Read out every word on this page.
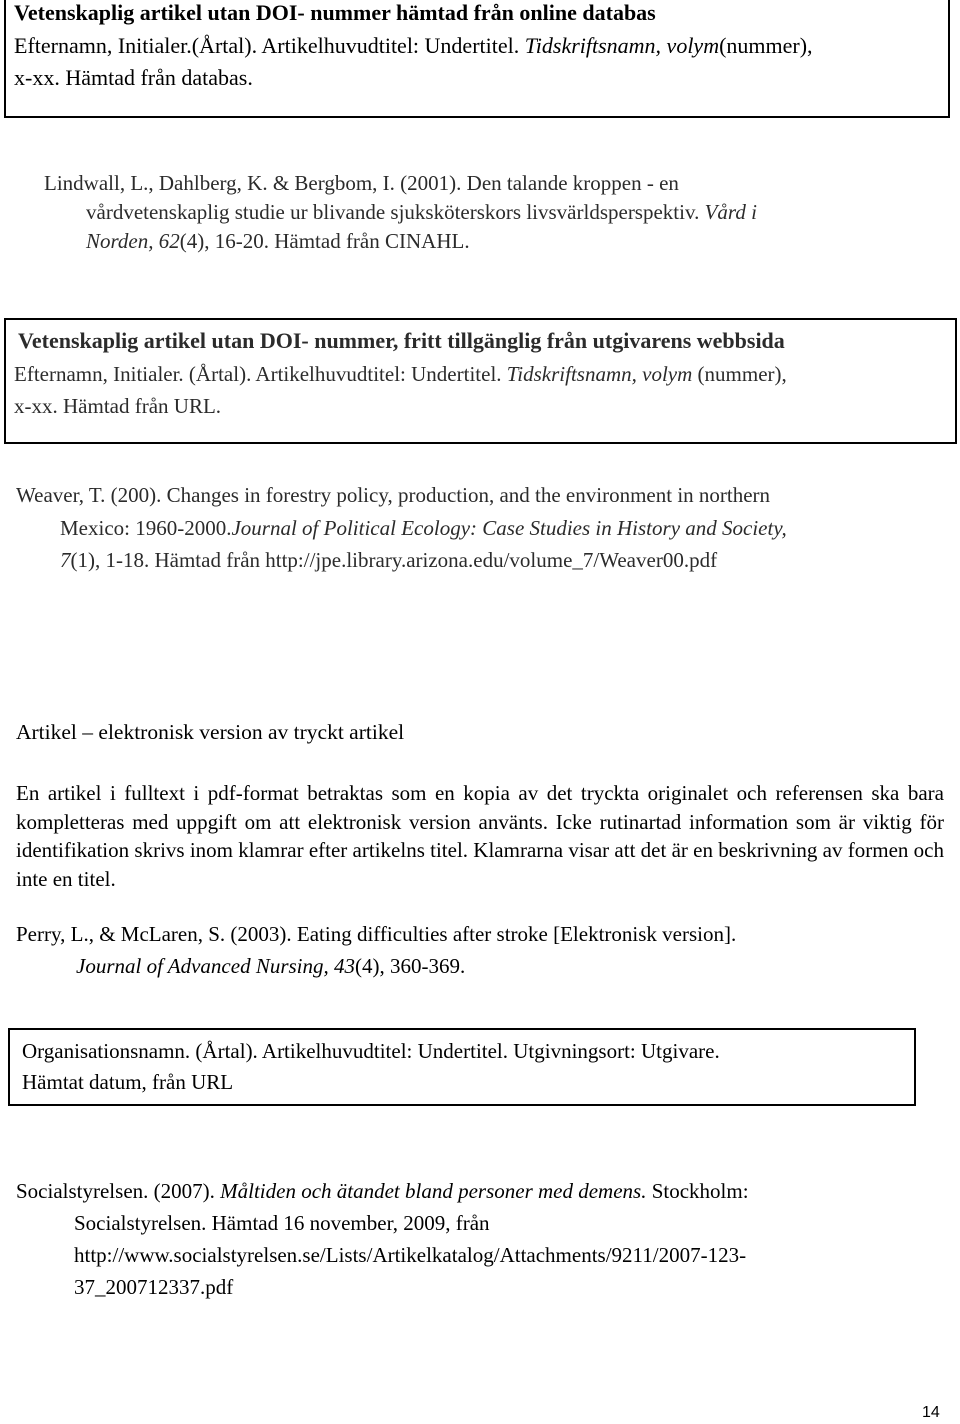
Vetenskaplig artikel utan DOI- nummer hämtad från online databas
Efternamn, Initialer.(Årtal). Artikelhuvudtitel: Undertitel. Tidskriftsnamn, volym(nummer),
x-xx. Hämtad från databas.
Lindwall, L., Dahlberg, K. & Bergbom, I. (2001). Den talande kroppen - en
vårdvetenskaplig studie ur blivande sjuksköterskors livsvärldsperspektiv. Vård i
Norden, 62(4), 16-20. Hämtad från CINAHL.
Vetenskaplig artikel utan DOI- nummer, fritt tillgänglig från utgivarens webbsida
Efternamn, Initialer. (Årtal). Artikelhuvudtitel: Undertitel. Tidskriftsnamn, volym (nummer),
x-xx. Hämtad från URL.
Weaver, T. (200). Changes in forestry policy, production, and the environment in northern
Mexico: 1960-2000.Journal of Political Ecology: Case Studies in History and Society,
7(1), 1-18. Hämtad från http://jpe.library.arizona.edu/volume_7/Weaver00.pdf
Artikel – elektronisk version av tryckt artikel
En artikel i fulltext i pdf-format betraktas som en kopia av det tryckta originalet och referensen ska bara kompletteras med uppgift om att elektronisk version använts. Icke rutinartad information som är viktig för identifikation skrivs inom klamrar efter artikelns titel. Klamrarna visar att det är en beskrivning av formen och inte en titel.
Perry, L., & McLaren, S. (2003). Eating difficulties after stroke [Elektronisk version].
Journal of Advanced Nursing, 43(4), 360-369.
Organisationsnamn. (Årtal). Artikelhuvudtitel: Undertitel. Utgivningsort: Utgivare.
Hämtat datum, från URL
Socialstyrelsen. (2007). Måltiden och ätandet bland personer med demens. Stockholm:
Socialstyrelsen. Hämtad 16 november, 2009, från
http://www.socialstyrelsen.se/Lists/Artikelkatalog/Attachments/9211/2007-123-
37_200712337.pdf
14
